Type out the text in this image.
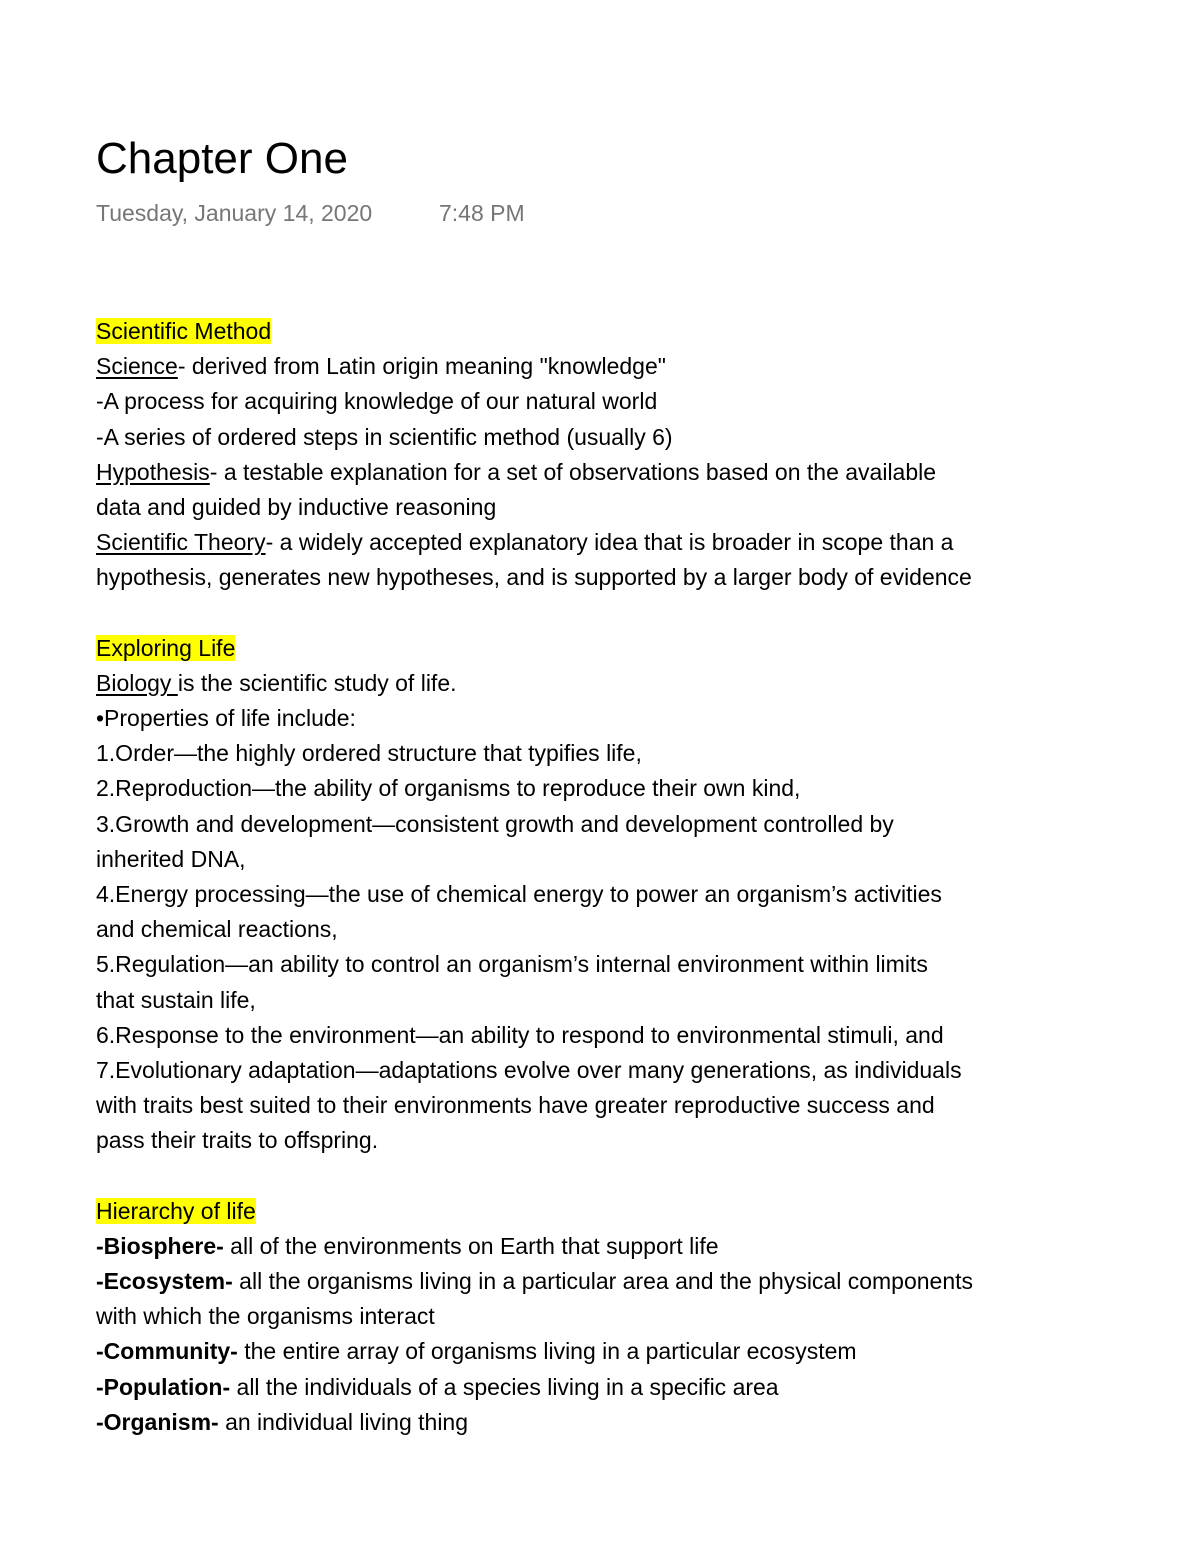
Chapter One
Tuesday, January 14, 2020	7:48 PM
Scientific Method
Science- derived from Latin origin meaning "knowledge"
-A process for acquiring knowledge of our natural world
-A series of ordered steps in scientific method (usually 6)
Hypothesis- a testable explanation for a set of observations based on the available
data and guided by inductive reasoning
Scientific Theory- a widely accepted explanatory idea that is broader in scope than a
hypothesis, generates new hypotheses, and is supported by a larger body of evidence
Exploring Life
Biology is the scientific study of life.
•Properties of life include:
1.Order—the highly ordered structure that typifies life,
2.Reproduction—the ability of organisms to reproduce their own kind,
3.Growth and development—consistent growth and development controlled by
inherited DNA,
4.Energy processing—the use of chemical energy to power an organism’s activities
and chemical reactions,
5.Regulation—an ability to control an organism’s internal environment within limits
that sustain life,
6.Response to the environment—an ability to respond to environmental stimuli, and
7.Evolutionary adaptation—adaptations evolve over many generations, as individuals
with traits best suited to their environments have greater reproductive success and
pass their traits to offspring.
Hierarchy of life
-Biosphere- all of the environments on Earth that support life
-Ecosystem- all the organisms living in a particular area and the physical components
with which the organisms interact
-Community- the entire array of organisms living in a particular ecosystem
-Population- all the individuals of a species living in a specific area
-Organism- an individual living thing
